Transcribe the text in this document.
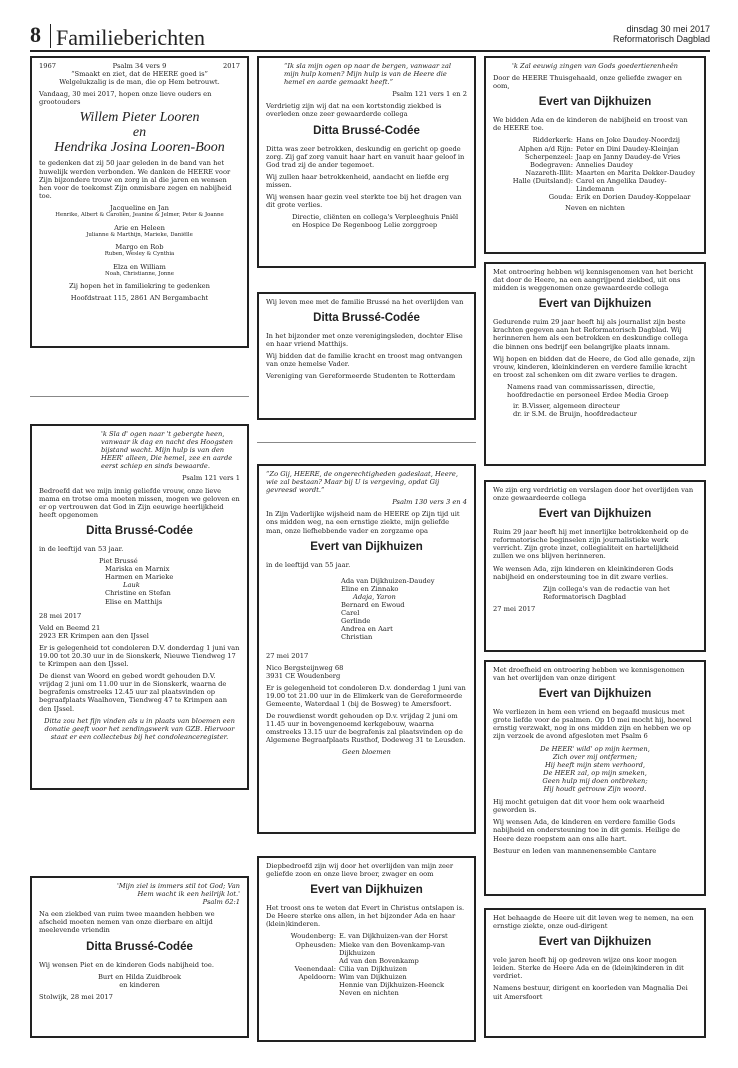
8 Familieberichten	dinsdag 30 mei 2017
Reformatorisch Dagblad
1967	Psalm 34 vers 9	2017
“Smaakt en ziet, dat de HEERE goed is”

Welgelukzalig is de man, die op Hem betrouwt.

Vandaag, 30 mei 2017, hopen onze lieve ouders en grootouders

Willem Pieter Looren
en
Hendrika Josina Looren-Boon

te gedenken dat zij 50 jaar geleden in de band van het huwelijk werden verbonden. We danken de HEERE voor Zijn bijzondere trouw en zorg in al die jaren en wensen hen voor de toekomst Zijn onmisbare zegen en nabijheid toe.

Jacqueline en Jan
Henrike, Albert & Carolien, Jeanine & Jelmer, Peter & Joanne
Arie en Heleen
Julianne & Marthijn, Marieke, Daniëlle
Margo en Rob
Ruben, Wesley & Cynthia
Elza en William
Noah, Christianne, Jonne

Zij hopen het in familiekring te gedenken

Hoofdstraat 115, 2861 AN Bergambacht

'k Sla d' ogen naar 't gebergte heen, vanwaar ik dag en nacht des Hoogsten bijstand wacht. Mijn hulp is van den HEER' alleen, Die hemel, zee en aarde eerst schiep en sinds bewaarde.

Psalm 121 vers 1

Bedroefd dat we mijn innig geliefde vrouw, onze lieve mama en trotse oma moeten missen, mogen we geloven en er op vertrouwen dat God in Zijn eeuwige heerlijkheid heeft opgenomen

Ditta Brussé-Codée

in de leeftijd van 53 jaar.

Piet Brussé
Mariska en Marnix
Harmen en Marieke
Lauk
Christine en Stefan
Elise en Matthijs

28 mei 2017

Veld en Beemd 21

2923 ER Krimpen aan den IJssel

Er is gelegenheid tot condoleren D.V. donderdag 1 juni van 19.00 tot 20.30 uur in de Sionskerk, Nieuwe Tiendweg 17 te Krimpen aan den IJssel.

De dienst van Woord en gebed wordt gehouden D.V. vrijdag 2 juni om 11.00 uur in de Sionskerk, waarna de begrafenis omstreeks 12.45 uur zal plaatsvinden op begraafplaats Waalhoven, Tiendweg 47 te Krimpen aan den IJssel.

Ditta zou het fijn vinden als u in plaats van bloemen een donatie geeft voor het zendingswerk van GZB. Hiervoor staat er een collectebus bij het condoleanceregister.

'Mijn ziel is immers stil tot God; Van Hem wacht ik een heilrijk lot.'

Psalm 62:1

Na een ziekbed van ruim twee maanden hebben we afscheid moeten nemen van onze dierbare en altijd meelevende vriendin

Ditta Brussé-Codée

Wij wensen Piet en de kinderen Gods nabijheid toe.

Burt en Hilda Zuidbroek

en kinderen

Stolwijk, 28 mei 2017

“Ik sla mijn ogen op naar de bergen, vanwaar zal mijn hulp komen? Mijn hulp is van de Heere die hemel en aarde gemaakt heeft.”

Psalm 121 vers 1 en 2

Verdrietig zijn wij dat na een kortstondig ziekbed is overleden onze zeer gewaarderde collega

Ditta Brussé-Codée

Ditta was zeer betrokken, deskundig en gericht op goede zorg. Zij gaf zorg vanuit haar hart en vanuit haar geloof in God trad zij de ander tegemoet.

Wij zullen haar betrokkenheid, aandacht en liefde erg missen.

Wij wensen haar gezin veel sterkte toe bij het dragen van dit grote verlies.

Directie, cliënten en collega's Verpleeghuis Pniël en Hospice De Regenboog Lelie zorggroep

Wij leven mee met de familie Brussé na het overlijden van

Ditta Brussé-Codée

In het bijzonder met onze verenigingsleden, dochter Elise en haar vriend Matthijs.

Wij bidden dat de familie kracht en troost mag ontvangen van onze hemelse Vader.

Vereniging van Gereformeerde Studenten te Rotterdam

“Zo Gij, HEERE, de ongerechtigheden gadeslaat, Heere, wie zal bestaan? Maar bij U is vergeving, opdat Gij gevreesd wordt.”

Psalm 130 vers 3 en 4

In Zijn Vaderlijke wijsheid nam de HEERE op Zijn tijd uit ons midden weg, na een ernstige ziekte, mijn geliefde man, onze liefhebbende vader en zorgzame opa

Evert van Dijkhuizen

in de leeftijd van 55 jaar.

Ada van Dijkhuizen-Daudey
Eline en Zinnako
Adaja, Yaron
Bernard en Ewoud
Carel
Gerlinde
Andrea en Aart
Christian

27 mei 2017

Nico Bergsteijnweg 68

3931 CE Woudenberg

Er is gelegenheid tot condoleren D.v. donderdag 1 juni van 19.00 tot 21.00 uur in de Elimkerk van de Gereformeerde Gemeente, Waterdaal 1 (bij de Bosweg) te Amersfoort.

De rouwdienst wordt gehouden op D.v. vrijdag 2 juni om 11.45 uur in bovengenoemd kerkgebouw, waarna omstreeks 13.15 uur de begrafenis zal plaatsvinden op de Algemene Begraafplaats Rusthof, Dodeweg 31 te Leusden.

Geen bloemen

Diepbedroefd zijn wij door het overlijden van mijn zeer geliefde zoon en onze lieve broer, zwager en oom

Evert van Dijkhuizen

Het troost ons te weten dat Evert in Christus ontslapen is.

De Heere sterke ons allen, in het bijzonder Ada en haar (klein)kinderen.

Woudenberg: E. van Dijkhuizen-van der Horst
Opheusden: Mieke van den Bovenkamp-van Dijkhuizen
Ad van den Bovenkamp
Veenendaal: Cilia van Dijkhuizen
Apeldoorn: Wim van Dijkhuizen
Hennie van Dijkhuizen-Heenck
Neven en nichten

'k Zal eeuwig zingen van Gods goedertierenheên

Door de HEERE Thuisgehaald, onze geliefde zwager en oom,

Evert van Dijkhuizen

We bidden Ada en de kinderen de nabijheid en troost van de HEERE toe.

Ridderkerk: Hans en Joke Daudey-Noordzij
Alphen a/d Rijn: Peter en Dini Daudey-Kleinjan
Scherpenzeel: Jaap en Janny Daudey-de Vries
Bodegraven: Annelies Daudey
Nazareth-Illit: Maarten en Marita Dekker-Daudey
Halle (Duitsland): Carel en Angelika Daudey-Lindemann
Gouda: Erik en Dorien Daudey-Koppelaar
Neven en nichten

Met ontroering hebben wij kennisgenomen van het bericht dat door de Heere, na een aangrijpend ziekbed, uit ons midden is weggenomen onze gewaardeerde collega

Evert van Dijkhuizen

Gedurende ruim 29 jaar heeft hij als journalist zijn beste krachten gegeven aan het Reformatorisch Dagblad. Wij herinneren hem als een betrokken en deskundige collega die binnen ons bedrijf een belangrijke plaats innam.

Wij hopen en bidden dat de Heere, de God alle genade, zijn vrouw, kinderen, kleinkinderen en verdere familie kracht en troost zal schenken om dit zware verlies te dragen.

Namens raad van commissarissen, directie, hoofdredactie en personeel Erdee Media Groep
ir. B.Visser, algemeen directeur
dr. ir S.M. de Bruijn, hoofdredacteur

We zijn erg verdrietig en verslagen door het overlijden van onze gewaardeerde collega

Evert van Dijkhuizen

Ruim 29 jaar heeft hij met innerlijke betrokkenheid op de reformatorische beginselen zijn journalistieke werk verricht. Zijn grote inzet, collegialiteit en hartelijkheid zullen we ons blijven herinneren.

We wensen Ada, zijn kinderen en kleinkinderen Gods nabijheid en ondersteuning toe in dit zware verlies.

Zijn collega's van de redactie van het Reformatorisch Dagblad

27 mei 2017

Met droefheid en ontroering hebben we kennisgenomen van het overlijden van onze dirigent

Evert van Dijkhuizen

We verliezen in hem een vriend en begaafd musicus met grote liefde voor de psalmen. Op 10 mei mocht hij, hoewel ernstig verzwakt, nog in ons midden zijn en hebben we op zijn verzoek de avond afgesloten met Psalm 6

De HEER' wild' op mijn kermen,
Zich over mij ontfermen;
Hij heeft mijn stem verhoord,
De HEER zal, op mijn smeken,
Geen hulp mij doen ontbreken;
Hij houdt getrouw Zijn woord.

Hij mocht getuigen dat dit voor hem ook waarheid geworden is.

Wij wensen Ada, de kinderen en verdere familie Gods nabijheid en ondersteuning toe in dit gemis. Heilige de Heere deze roepstem aan ons alle hart.

Bestuur en leden van mannenensemble Cantare

Het behaagde de Heere uit dit leven weg te nemen, na een ernstige ziekte, onze oud-dirigent

Evert van Dijkhuizen

vele jaren heeft hij op gedreven wijze ons koor mogen leiden. Sterke de Heere Ada en de (klein)kinderen in dit verdriet.

Namens bestuur, dirigent en koorleden van Magnalia Dei uit Amersfoort
